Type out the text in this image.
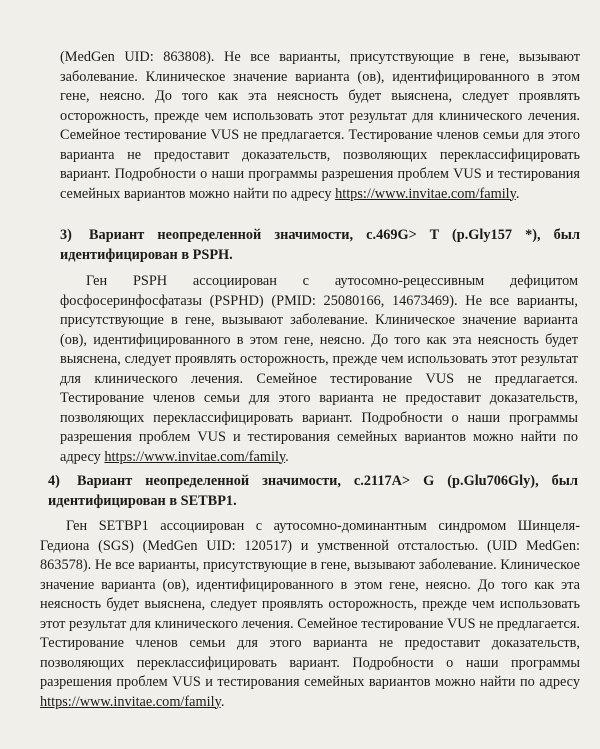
(MedGen UID: 863808). Не все варианты, присутствующие в гене, вызывают заболевание. Клиническое значение варианта (ов), идентифицированного в этом гене, неясно. До того как эта неясность будет выяснена, следует проявлять осторожность, прежде чем использовать этот результат для клинического лечения. Семейное тестирование VUS не предлагается. Тестирование членов семьи для этого варианта не предоставит доказательств, позволяющих переклассифицировать вариант. Подробности о наши программы разрешения проблем VUS и тестирования семейных вариантов можно найти по адресу https://www.invitae.com/family.

3) Вариант неопределенной значимости, c.469G> T (p.Gly157 *), был идентифицирован в PSPH.

Ген PSPH ассоциирован с аутосомно-рецессивным дефицитом фосфосеринфосфатазы (PSPHD) (PMID: 25080166, 14673469). Не все варианты, присутствующие в гене, вызывают заболевание. Клиническое значение варианта (ов), идентифицированного в этом гене, неясно. До того как эта неясность будет выяснена, следует проявлять осторожность, прежде чем использовать этот результат для клинического лечения. Семейное тестирование VUS не предлагается. Тестирование членов семьи для этого варианта не предоставит доказательств, позволяющих переклассифицировать вариант. Подробности о наши программы разрешения проблем VUS и тестирования семейных вариантов можно найти по адресу https://www.invitae.com/family.

4) Вариант неопределенной значимости, c.2117A> G (p.Glu706Gly), был идентифицирован в SETBP1.

Ген SETBP1 ассоциирован с аутосомно-доминантным синдромом Шинцеля-Гедиона (SGS) (MedGen UID: 120517) и умственной отсталостью. (UID MedGen: 863578). Не все варианты, присутствующие в гене, вызывают заболевание. Клиническое значение варианта (ов), идентифицированного в этом гене, неясно. До того как эта неясность будет выяснена, следует проявлять осторожность, прежде чем использовать этот результат для клинического лечения. Семейное тестирование VUS не предлагается. Тестирование членов семьи для этого варианта не предоставит доказательств, позволяющих переклассифицировать вариант. Подробности о наши программы разрешения проблем VUS и тестирования семейных вариантов можно найти по адресу https://www.invitae.com/family.
